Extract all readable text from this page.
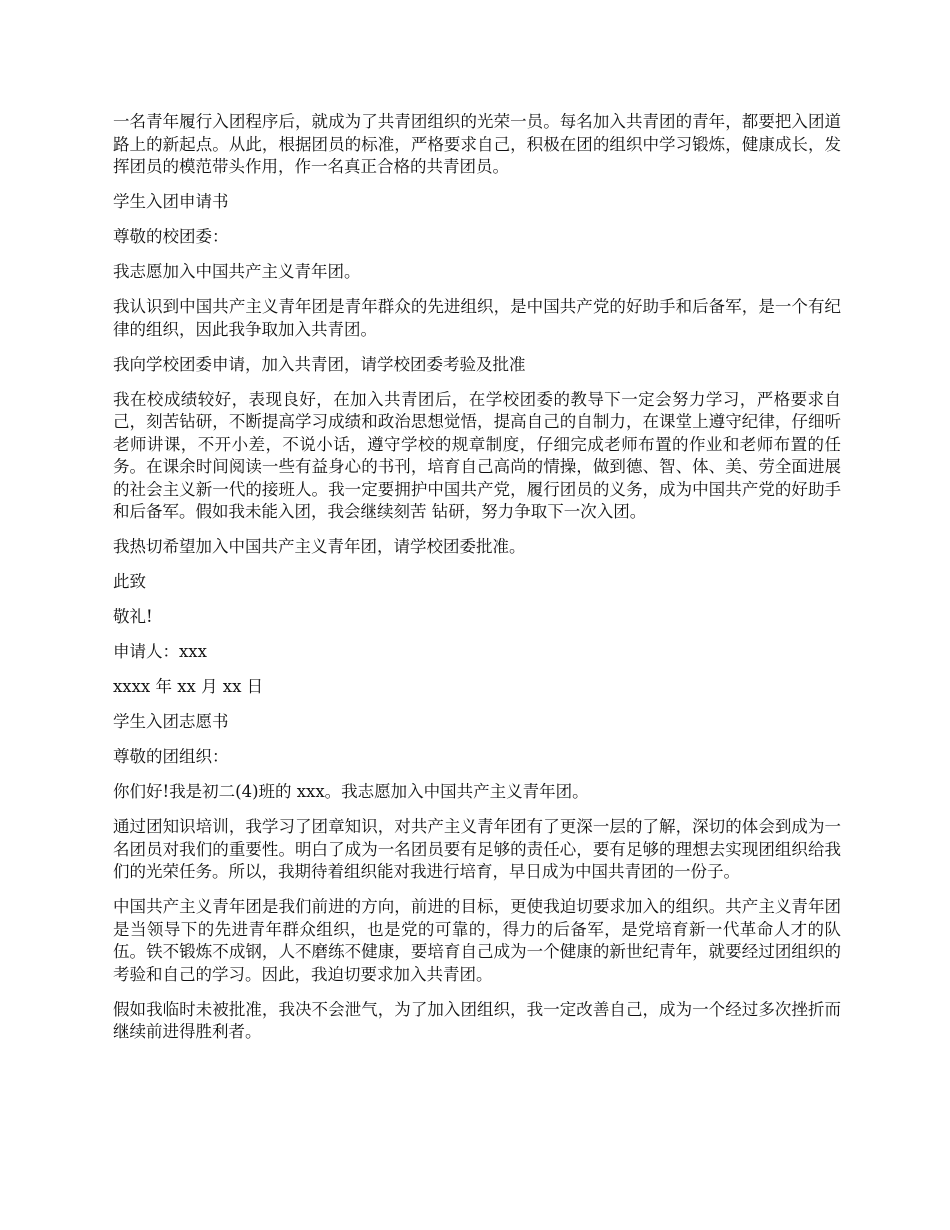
一名青年履行入团程序后，就成为了共青团组织的光荣一员。每名加入共青团的青年，都要把入团道路上的新起点。从此，根据团员的标准，严格要求自己，积极在团的组织中学习锻炼，健康成长，发挥团员的模范带头作用，作一名真正合格的共青团员。

学生入团申请书

尊敬的校团委：

我志愿加入中国共产主义青年团。

我认识到中国共产主义青年团是青年群众的先进组织，是中国共产党的好助手和后备军，是一个有纪律的组织，因此我争取加入共青团。

我向学校团委申请，加入共青团，请学校团委考验及批准

我在校成绩较好，表现良好，在加入共青团后，在学校团委的教导下一定会努力学习，严格要求自己，刻苦钻研，不断提高学习成绩和政治思想觉悟，提高自己的自制力，在课堂上遵守纪律，仔细听老师讲课，不开小差，不说小话，遵守学校的规章制度，仔细完成老师布置的作业和老师布置的任务。在课余时间阅读一些有益身心的书刊，培育自己高尚的情操，做到德、智、体、美、劳全面进展的社会主义新一代的接班人。我一定要拥护中国共产党，履行团员的义务，成为中国共产党的好助手和后备军。假如我未能入团，我会继续刻苦 钻研，努力争取下一次入团。

我热切希望加入中国共产主义青年团，请学校团委批准。

此致

敬礼!

申请人：xxx

xxxx 年 xx 月 xx 日

学生入团志愿书

尊敬的团组织：

你们好!我是初二(4)班的 xxx。我志愿加入中国共产主义青年团。

通过团知识培训，我学习了团章知识，对共产主义青年团有了更深一层的了解，深切的体会到成为一名团员对我们的重要性。明白了成为一名团员要有足够的责任心，要有足够的理想去实现团组织给我们的光荣任务。所以，我期待着组织能对我进行培育，早日成为中国共青团的一份子。

中国共产主义青年团是我们前进的方向，前进的目标，更使我迫切要求加入的组织。共产主义青年团是当领导下的先进青年群众组织，也是党的可靠的，得力的后备军，是党培育新一代革命人才的队伍。铁不锻炼不成钢，人不磨练不健康，要培育自己成为一个健康的新世纪青年，就要经过团组织的考验和自己的学习。因此，我迫切要求加入共青团。

假如我临时未被批准，我决不会泄气，为了加入团组织，我一定改善自己，成为一个经过多次挫折而继续前进得胜利者。
